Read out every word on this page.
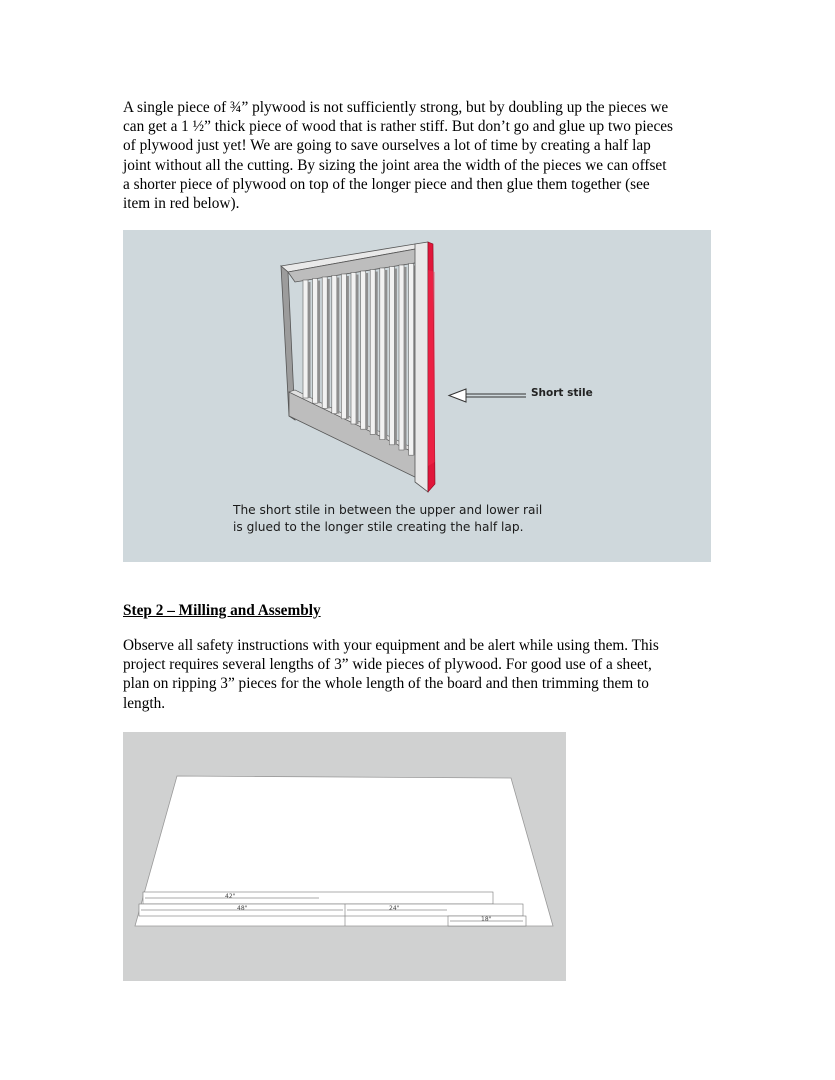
A single piece of ¾” plywood is not sufficiently strong, but by doubling up the pieces we
can get a 1 ½” thick piece of wood that is rather stiff. But don’t go and glue up two pieces
of plywood just yet! We are going to save ourselves a lot of time by creating a half lap
joint without all the cutting. By sizing the joint area the width of the pieces we can offset
a shorter piece of plywood on top of the longer piece and then glue them together (see
item in red below).
Short stile
The short stile in between the upper and lower rail
is glued to the longer stile creating the half lap.
Step 2 – Milling and Assembly
Observe all safety instructions with your equipment and be alert while using them. This
project requires several lengths of 3” wide pieces of plywood. For good use of a sheet,
plan on ripping 3” pieces for the whole length of the board and then trimming them to
length.
42"
48"	24"
18"
